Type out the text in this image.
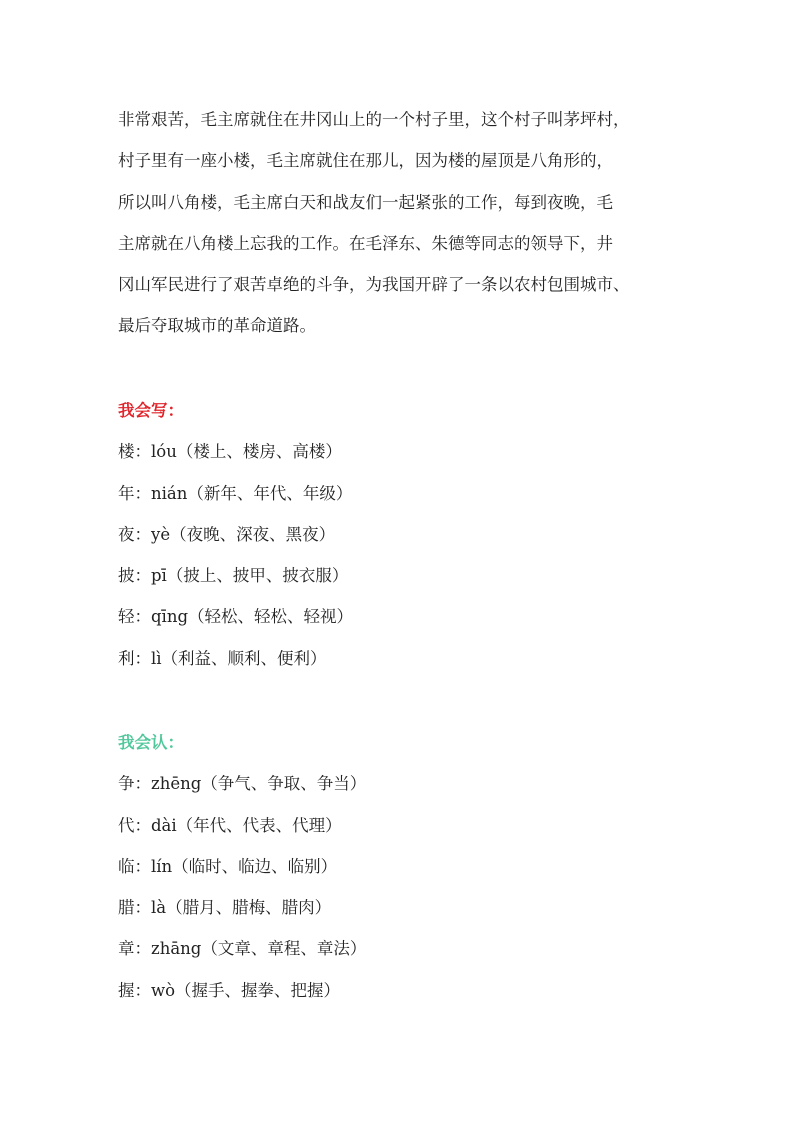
非常艰苦，毛主席就住在井冈山上的一个村子里，这个村子叫茅坪村，
村子里有一座小楼，毛主席就住在那儿，因为楼的屋顶是八角形的，
所以叫八角楼，毛主席白天和战友们一起紧张的工作，每到夜晚，毛
主席就在八角楼上忘我的工作。在毛泽东、朱德等同志的领导下，井
冈山军民进行了艰苦卓绝的斗争，为我国开辟了一条以农村包围城市、
最后夺取城市的革命道路。
我会写：
楼：lóu（楼上、楼房、高楼）
年：nián（新年、年代、年级）
夜：yè（夜晚、深夜、黑夜）
披：pī（披上、披甲、披衣服）
轻：qīng（轻松、轻松、轻视）
利：lì（利益、顺利、便利）
我会认：
争：zhēng（争气、争取、争当）
代：dài（年代、代表、代理）
临：lín（临时、临边、临别）
腊：là（腊月、腊梅、腊肉）
章：zhāng（文章、章程、章法）
握：wò（握手、握拳、把握）
